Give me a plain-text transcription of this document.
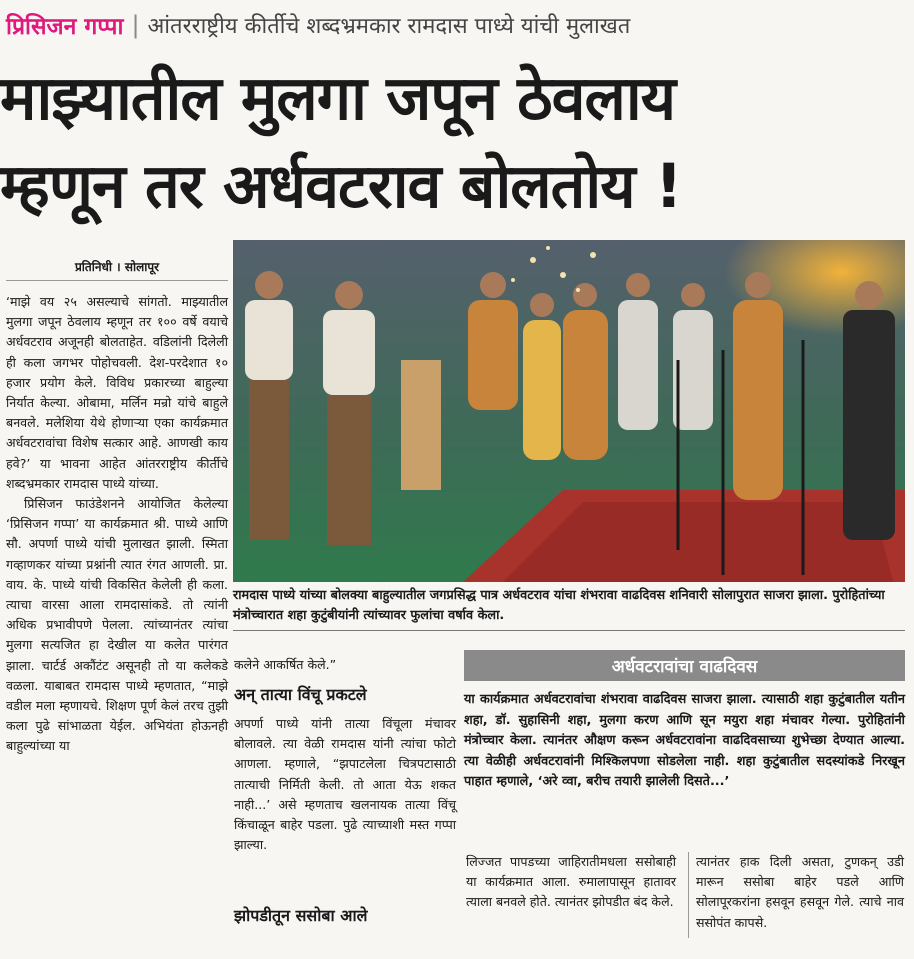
प्रिसिजन गप्पा | आंतरराष्ट्रीय कीर्तीचे शब्दभ्रमकार रामदास पाध्ये यांची मुलाखत
माझ्यातील मुलगा जपून ठेवलाय
म्हणून तर अर्धवटराव बोलतोय !
प्रतिनिधी । सोलापूर

‘माझे वय २५ असल्याचे सांगतो. माझ्यातील मुलगा जपून ठेवलाय म्हणून तर १०० वर्षे वयाचे अर्धवटराव अजूनही बोलताहेत. वडिलांनी दिलेली ही कला जगभर पोहोचवली. देश-परदेशात १० हजार प्रयोग केले. विविध प्रकारच्या बाहुल्या निर्यात केल्या. ओबामा, मर्लिन मन्रो यांचे बाहुले बनवले. मलेशिया येथे होणाऱ्या एका कार्यक्रमात अर्धवटरावांचा विशेष सत्कार आहे. आणखी काय हवे?’ या भावना आहेत आंतरराष्ट्रीय कीर्तीचे शब्दभ्रमकार रामदास पाध्ये यांच्या.

प्रिसिजन फाउंडेशनने आयोजित केलेल्या ‘प्रिसिजन गप्पा’ या कार्यक्रमात श्री. पाध्ये आणि सौ. अपर्णा पाध्ये यांची मुलाखत झाली. स्मिता गव्हाणकर यांच्या प्रश्नांनी त्यात रंगत आणली. प्रा. वाय. के. पाध्ये यांची विकसित केलेली ही कला. त्याचा वारसा आला रामदासांकडे. तो त्यांनी अधिक प्रभावीपणे पेलला. त्यांच्यानंतर त्यांचा मुलगा सत्यजित हा देखील या कलेत पारंगत झाला. चार्टर्ड अकौंटंट असूनही तो या कलेकडे वळला. याबाबत रामदास पाध्ये म्हणतात, “माझे वडील मला म्हणायचे. शिक्षण पूर्ण केलं तरच तुझी कला पुढे सांभाळता येईल. अभियंता होऊनही बाहुल्यांच्या या

रामदास पाध्ये यांच्या बोलक्या बाहुल्यातील जगप्रसिद्ध पात्र अर्धवटराव यांचा शंभरावा वाढदिवस शनिवारी सोलापुरात साजरा झाला. पुरोहितांच्या मंत्रोच्चारात शहा कुटुंबीयांनी त्यांच्यावर फुलांचा वर्षाव केला.

कलेने आकर्षित केले.”

अन्‌ तात्या विंचू प्रकटले

अपर्णा पाध्ये यांनी तात्या विंचूला मंचावर बोलावले. त्या वेळी रामदास यांनी त्यांचा फोटो आणला. म्हणाले, “झपाटलेला चित्रपटासाठी तात्याची निर्मिती केली. तो आता येऊ शकत नाही...’ असे म्हणताच खलनायक तात्या विंचू किंचाळून बाहेर पडला. पुढे त्याच्याशी मस्त गप्पा झाल्या.

झोपडीतून ससोबा आले
अर्धवटरावांचा वाढदिवस
या कार्यक्रमात अर्धवटरावांचा शंभरावा वाढदिवस साजरा झाला. त्यासाठी शहा कुटुंबातील यतीन शहा, डॉ. सुहासिनी शहा, मुलगा करण आणि सून मयुरा शहा मंचावर गेल्या. पुरोहितांनी मंत्रोच्चार केला. त्यानंतर औक्षण करून अर्धवटरावांना वाढदिवसाच्या शुभेच्छा देण्यात आल्या. त्या वेळीही अर्धवटरावांनी मिश्किलपणा सोडलेला नाही. शहा कुटुंबातील सदस्यांकडे निरखून पाहात म्हणाले, ‘अरे व्वा, बरीच तयारी झालेली दिसते...’

लिज्जत पापडच्या जाहिरातीमधला ससोबाही या कार्यक्रमात आला. रुमालापासून हातावर त्याला बनवले होते. त्यानंतर झोपडीत बंद केले.

त्यानंतर हाक दिली असता, टुणकन्‌ उडी मारून ससोबा बाहेर पडले आणि सोलापूरकरांना हसवून हसवून गेले. त्याचे नाव ससोपंत कापसे.
